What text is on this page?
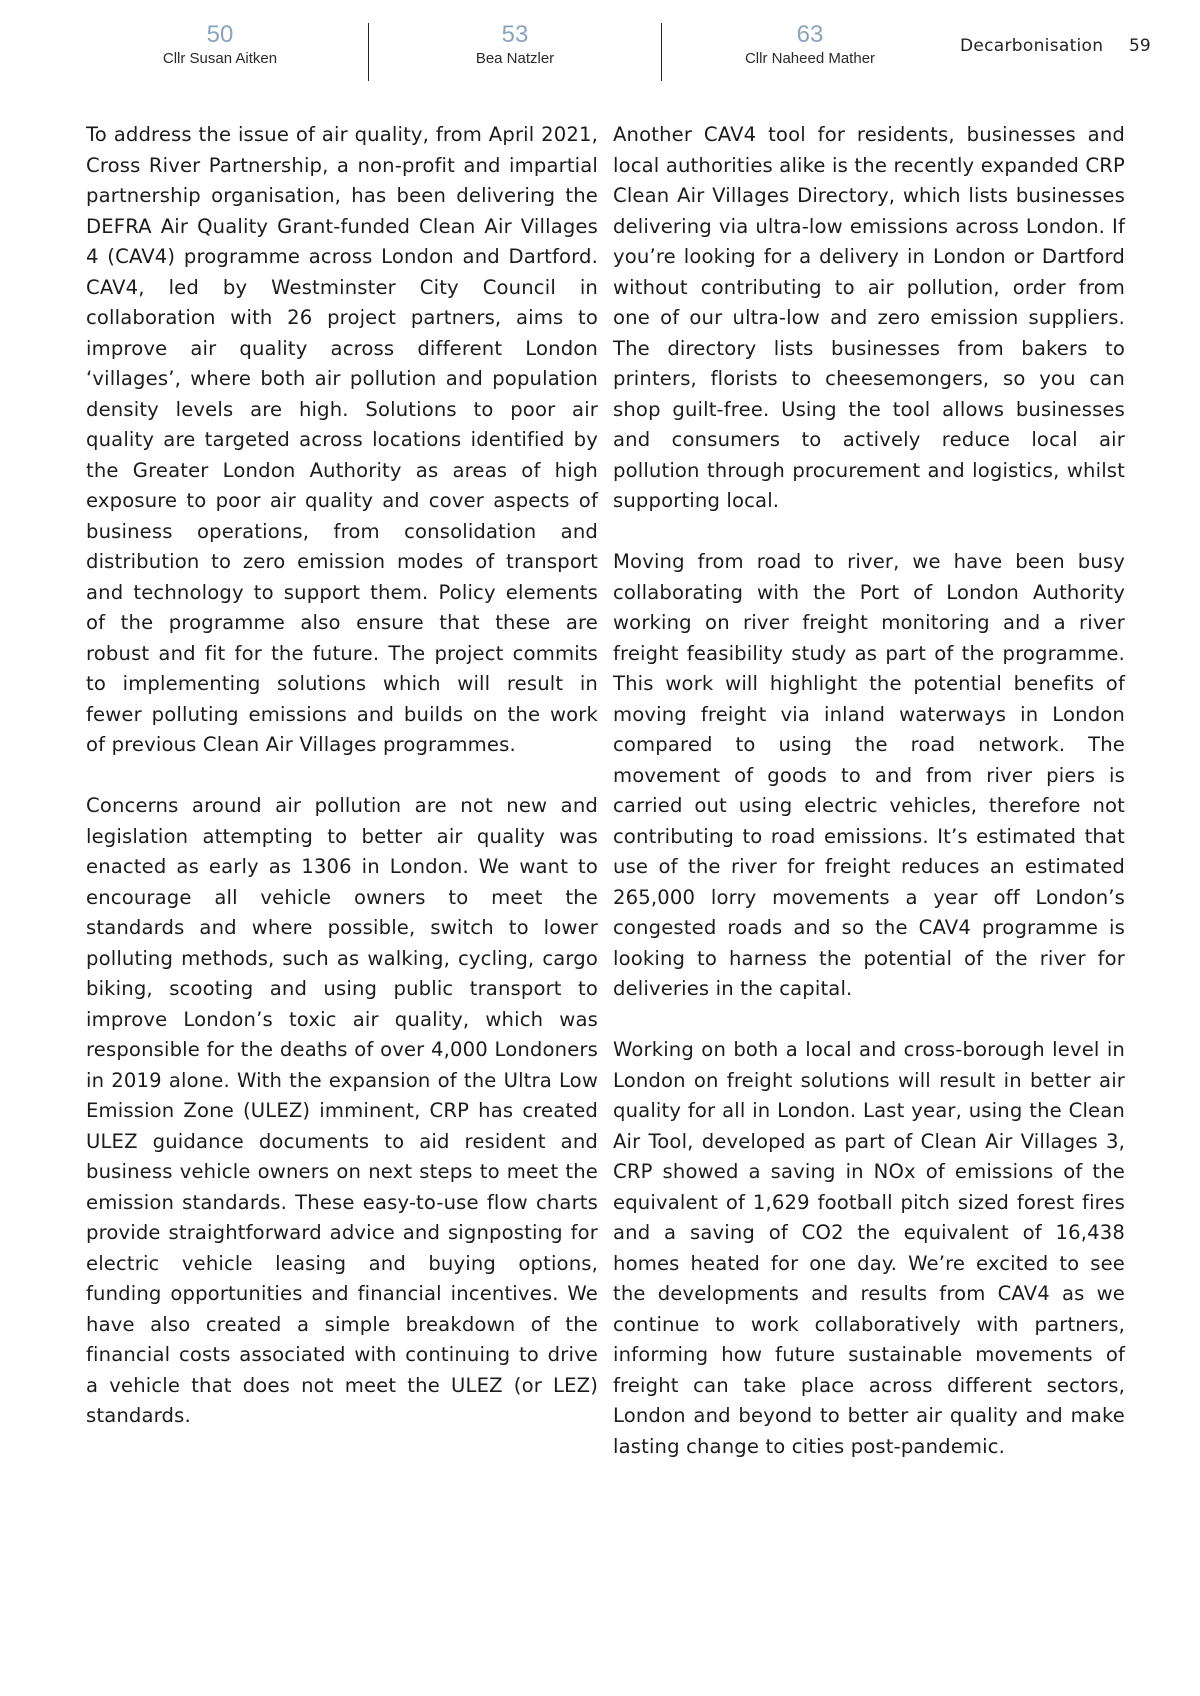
50
Cllr Susan Aitken
53
Bea Natzler
63
Cllr Naheed Mather
Decarbonisation 59

To address the issue of air quality, from April 2021, Cross River Partnership, a non-profit and impartial partnership organisation, has been delivering the DEFRA Air Quality Grant-funded Clean Air Villages 4 (CAV4) programme across London and Dartford. CAV4, led by Westminster City Council in collaboration with 26 project partners, aims to improve air quality across different London ‘villages’, where both air pollution and population density levels are high. Solutions to poor air quality are targeted across locations identified by the Greater London Authority as areas of high exposure to poor air quality and cover aspects of business operations, from consolidation and distribution to zero emission modes of transport and technology to support them. Policy elements of the programme also ensure that these are robust and fit for the future. The project commits to implementing solutions which will result in fewer polluting emissions and builds on the work of previous Clean Air Villages programmes.

Concerns around air pollution are not new and legislation attempting to better air quality was enacted as early as 1306 in London. We want to encourage all vehicle owners to meet the standards and where possible, switch to lower polluting methods, such as walking, cycling, cargo biking, scooting and using public transport to improve London’s toxic air quality, which was responsible for the deaths of over 4,000 Londoners in 2019 alone. With the expansion of the Ultra Low Emission Zone (ULEZ) imminent, CRP has created ULEZ guidance documents to aid resident and business vehicle owners on next steps to meet the emission standards. These easy-to-use flow charts provide straightforward advice and signposting for electric vehicle leasing and buying options, funding opportunities and financial incentives. We have also created a simple breakdown of the financial costs associated with continuing to drive a vehicle that does not meet the ULEZ (or LEZ) standards.

Another CAV4 tool for residents, businesses and local authorities alike is the recently expanded CRP Clean Air Villages Directory, which lists businesses delivering via ultra-low emissions across London. If you’re looking for a delivery in London or Dartford without contributing to air pollution, order from one of our ultra-low and zero emission suppliers. The directory lists businesses from bakers to printers, florists to cheesemongers, so you can shop guilt-free. Using the tool allows businesses and consumers to actively reduce local air pollution through procurement and logistics, whilst supporting local.

Moving from road to river, we have been busy collaborating with the Port of London Authority working on river freight monitoring and a river freight feasibility study as part of the programme. This work will highlight the potential benefits of moving freight via inland waterways in London compared to using the road network. The movement of goods to and from river piers is carried out using electric vehicles, therefore not contributing to road emissions. It’s estimated that use of the river for freight reduces an estimated 265,000 lorry movements a year off London’s congested roads and so the CAV4 programme is looking to harness the potential of the river for deliveries in the capital.

Working on both a local and cross-borough level in London on freight solutions will result in better air quality for all in London. Last year, using the Clean Air Tool, developed as part of Clean Air Villages 3, CRP showed a saving in NOx of emissions of the equivalent of 1,629 football pitch sized forest fires and a saving of CO2 the equivalent of 16,438 homes heated for one day. We’re excited to see the developments and results from CAV4 as we continue to work collaboratively with partners, informing how future sustainable movements of freight can take place across different sectors, London and beyond to better air quality and make lasting change to cities post-pandemic.
